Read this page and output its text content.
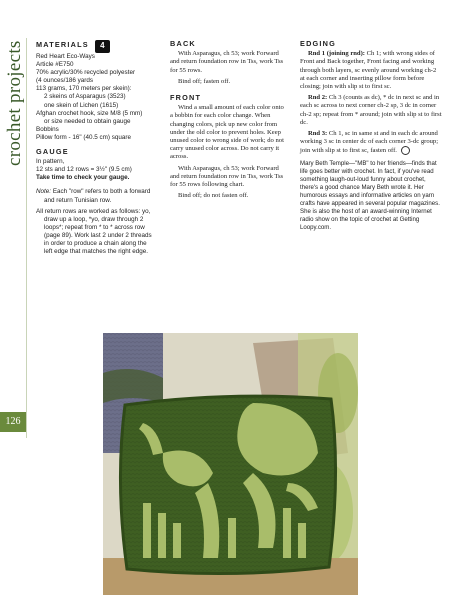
crochet projects
126
MATERIALS	4
Red Heart Eco-Ways
Article #E750
70% acrylic/30% recycled polyester
(4 ounces/186 yards
113 grams, 170 meters per skein):
2 skeins of Asparagus (3523)
one skein of Lichen (1615)
Afghan crochet hook, size M/8 (5 mm)
or size needed to obtain gauge
Bobbins
Pillow form - 16" (40.5 cm) square
GAUGE
In pattern,
12 sts and 12 rows = 3½" (9.5 cm)
Take time to check your gauge.

Note: Each "row" refers to both a forward and return Tunisian row.

All return rows are worked as follows: yo, draw up a loop, *yo, draw through 2 loops*; repeat from * to * across row (page 89). Work last 2 under 2 threads in order to produce a chain along the left edge that matches the right edge.

BACK

With Asparagus, ch 53; work Forward and return foundation row in Tss, work Tss for 55 rows.

Bind off; fasten off.

FRONT

Wind a small amount of each color onto a bobbin for each color change. When changing colors, pick up new color from under the old color to prevent holes. Keep unused color to wrong side of work; do not carry unused color across. Do not carry it across.

With Asparagus, ch 53; work Forward and return foundation row in Tss, work Tss for 55 rows following chart.

Bind off; do not fasten off.

EDGING

Rnd 1 (joining rnd): Ch 1; with wrong sides of Front and Back together, Front facing and working through both layers, sc evenly around working ch-2 at each corner and inserting pillow form before closing; join with slip st to first sc.

Rnd 2: Ch 3 (counts as dc), * dc in next sc and in each sc across to next corner ch-2 sp, 3 dc in corner ch-2 sp; repeat from * around; join with slip st to first dc.

Rnd 3: Ch 1, sc in same st and in each dc around working 3 sc in center dc of each corner 3-dc group; join with slip st to first sc, fasten off.

Mary Beth Temple—"MB" to her friends—finds that life goes better with crochet. In fact, if you've read something laugh-out-loud funny about crochet, there's a good chance Mary Beth wrote it. Her humorous essays and informative articles on yarn crafts have appeared in several popular magazines. She is also the host of an award-winning Internet radio show on the topic of crochet at Getting Loopy.com.
